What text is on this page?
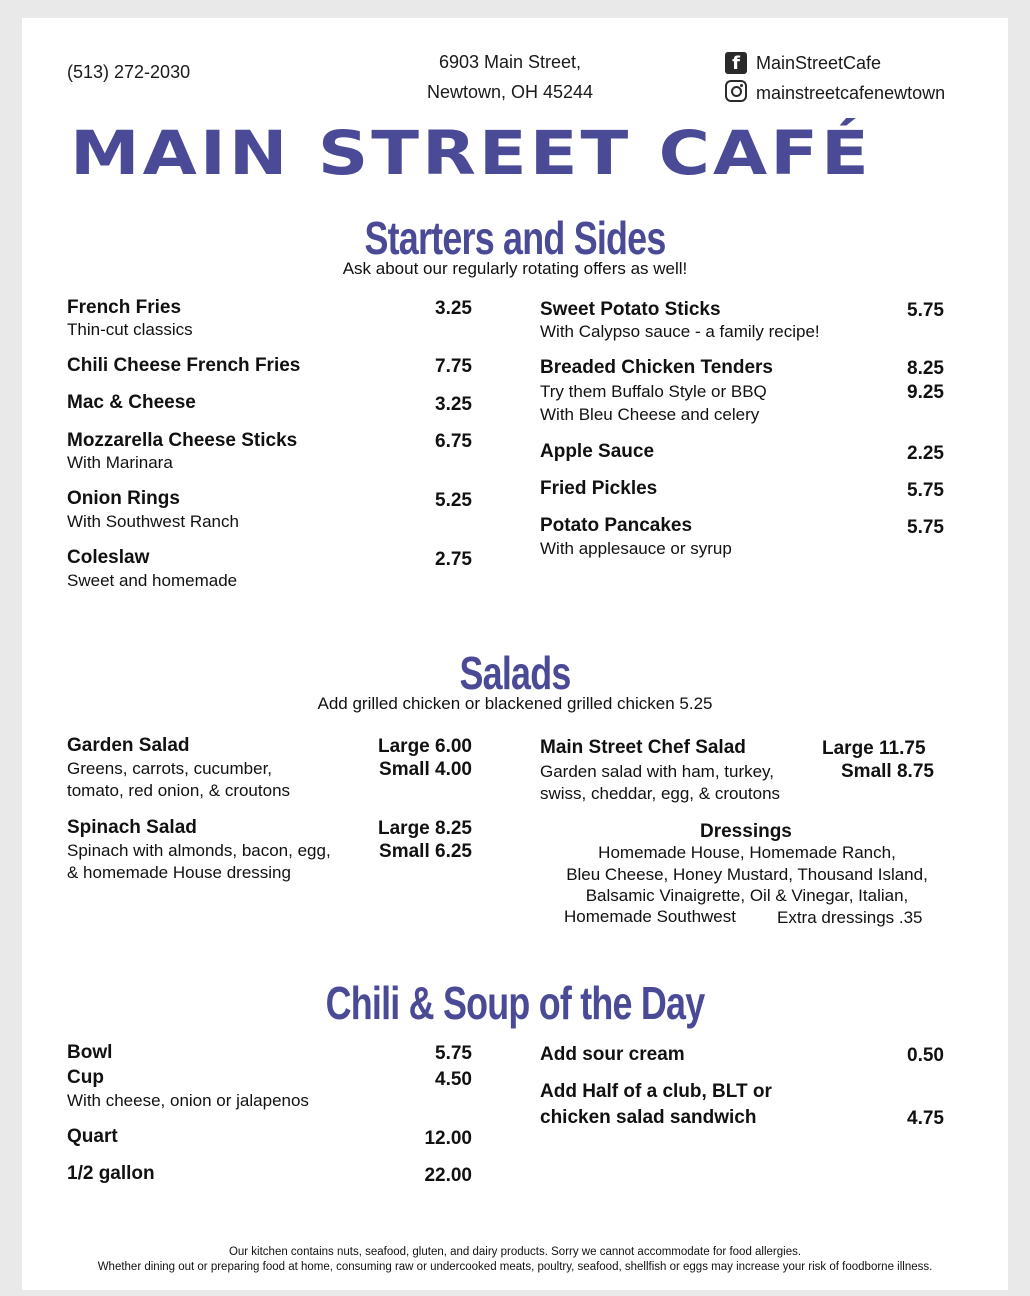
(513) 272-2030	6903 Main Street,
Newtown, OH 45244
f MainStreetCafe
mainstreetcafenewtown
MAIN STREET CAFÉ
Starters and Sides
Ask about our regularly rotating offers as well!
French Fries	3.25
Thin-cut classics
Chili Cheese French Fries	7.75
Mac & Cheese	3.25
Mozzarella Cheese Sticks	6.75
With Marinara
Onion Rings	5.25
With Southwest Ranch
Coleslaw	2.75
Sweet and homemade
Sweet Potato Sticks	5.75
With Calypso sauce - a family recipe!
Breaded Chicken Tenders	8.25
Try them Buffalo Style or BBQ	9.25
With Bleu Cheese and celery
Apple Sauce	2.25
Fried Pickles	5.75
Potato Pancakes	5.75
With applesauce or syrup
Salads
Add grilled chicken or blackened grilled chicken 5.25
Garden Salad	Large 6.00
Small 4.00
Greens, carrots, cucumber,
tomato, red onion, & croutons
Spinach Salad	Large 8.25
Small 6.25
Spinach with almonds, bacon, egg,
& homemade House dressing
Main Street Chef Salad	Large 11.75
Small 8.75
Garden salad with ham, turkey,
swiss, cheddar, egg, & croutons
Dressings
Homemade House, Homemade Ranch,
Bleu Cheese, Honey Mustard, Thousand Island,
Balsamic Vinaigrette, Oil & Vinegar, Italian,
Homemade Southwest Extra dressings .35
Chili & Soup of the Day
Bowl	5.75
Cup	4.50
With cheese, onion or jalapenos
Quart	12.00
1/2 gallon	22.00
Add sour cream	0.50
Add Half of a club, BLT or
chicken salad sandwich	4.75
Our kitchen contains nuts, seafood, gluten, and dairy products. Sorry we cannot accommodate for food allergies.
Whether dining out or preparing food at home, consuming raw or undercooked meats, poultry, seafood, shellfish or eggs may increase your risk of foodborne illness.
